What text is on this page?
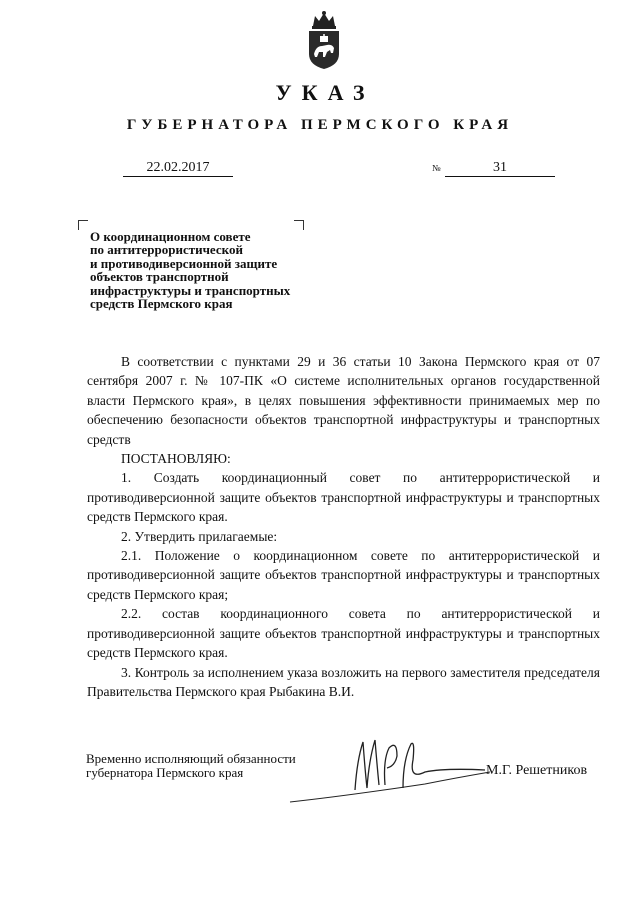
УКАЗ
ГУБЕРНАТОРА ПЕРМСКОГО КРАЯ
22.02.2017	№	31
О координационном совете
по антитеррористической
и противодиверсионной защите
объектов транспортной
инфраструктуры и транспортных
средств Пермского края

В соответствии с пунктами 29 и 36 статьи 10 Закона Пермского края от 07 сентября 2007 г. № 107-ПК «О системе исполнительных органов государственной власти Пермского края», в целях повышения эффективности принимаемых мер по обеспечению безопасности объектов транспортной инфраструктуры и транспортных средств

ПОСТАНОВЛЯЮ:

1. Создать координационный совет по антитеррористической и противодиверсионной защите объектов транспортной инфраструктуры и транспортных средств Пермского края.

2. Утвердить прилагаемые:

2.1. Положение о координационном совете по антитеррористической и противодиверсионной защите объектов транспортной инфраструктуры и транспортных средств Пермского края;

2.2. состав координационного совета по антитеррористической и противодиверсионной защите объектов транспортной инфраструктуры и транспортных средств Пермского края.

3. Контроль за исполнением указа возложить на первого заместителя председателя Правительства Пермского края Рыбакина В.И.

Временно исполняющий обязанности
губернатора Пермского края	М.Г. Решетников
